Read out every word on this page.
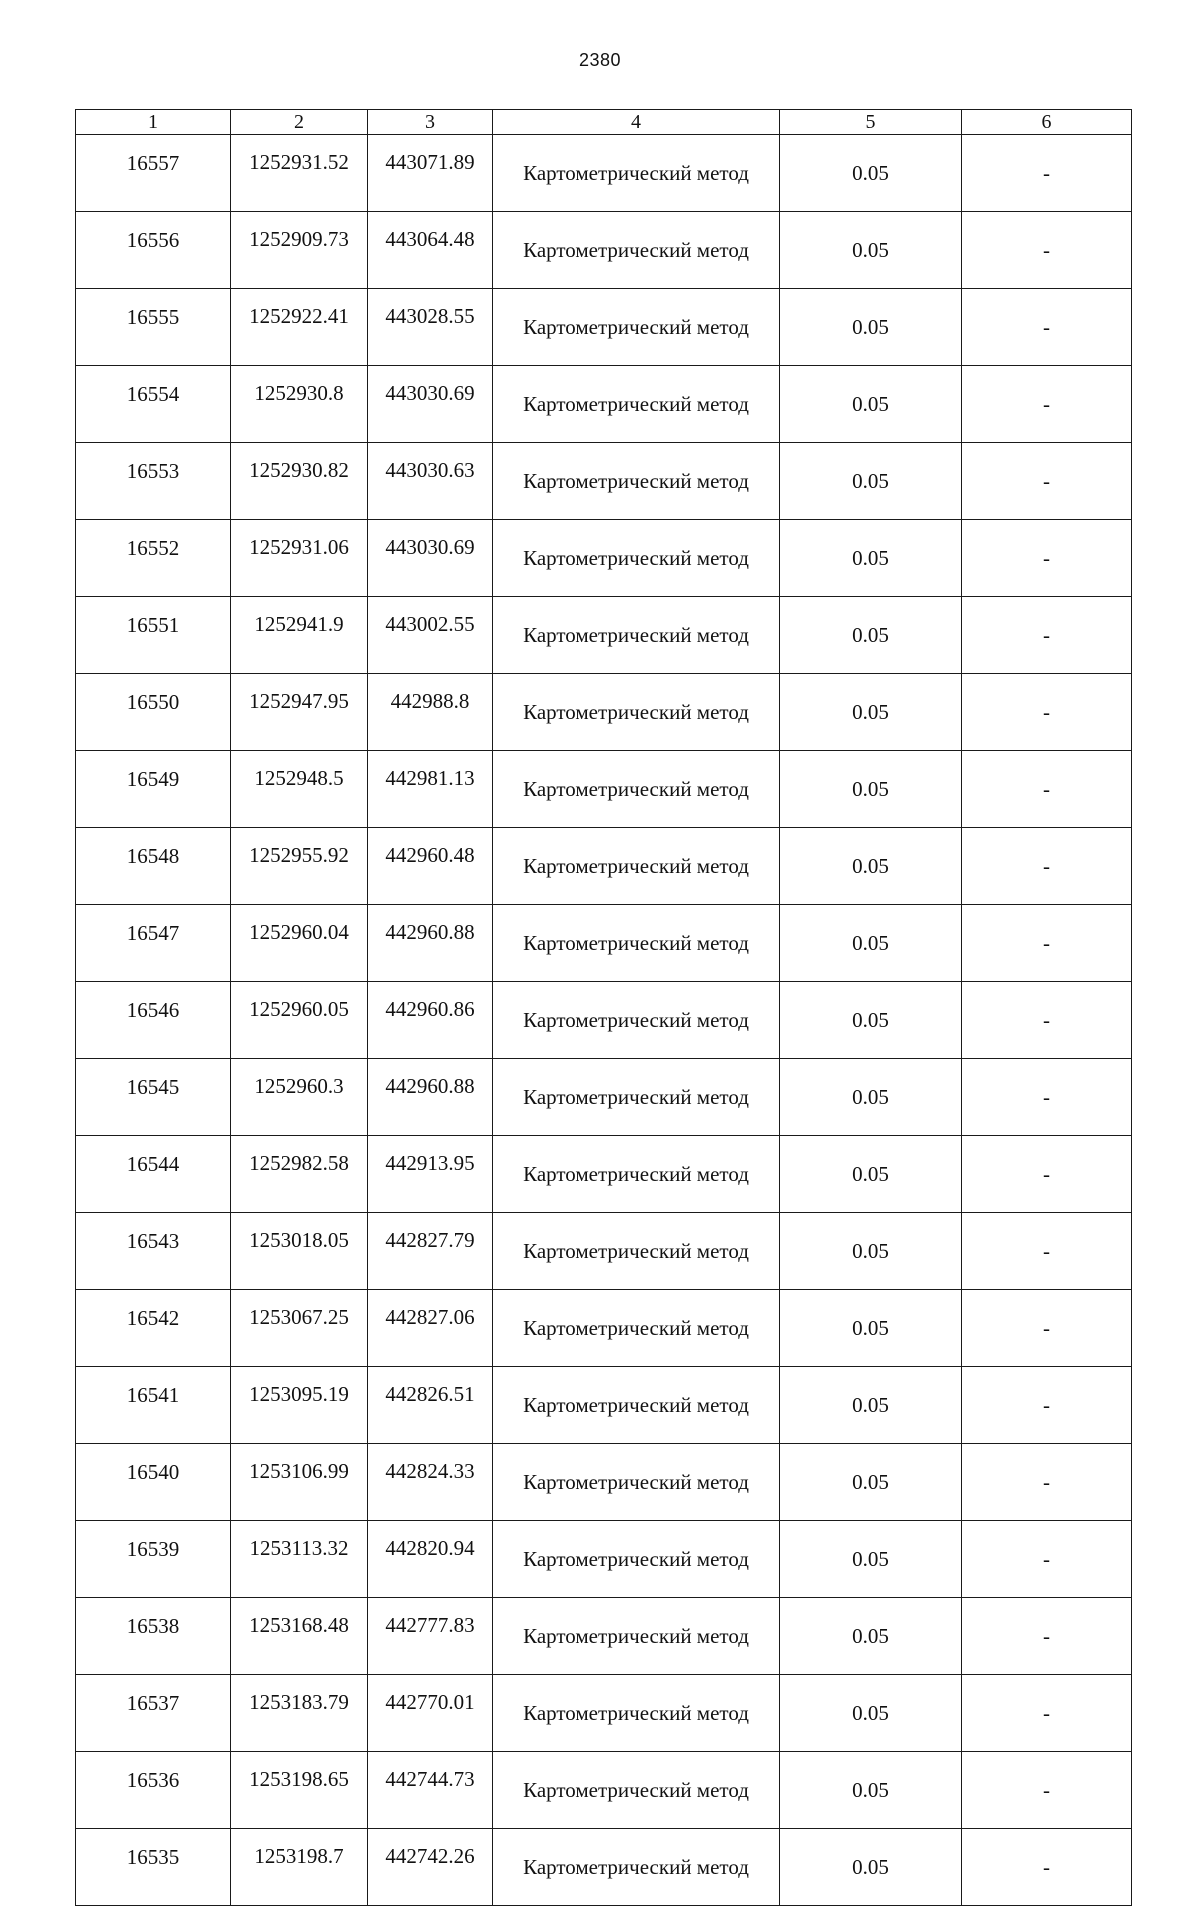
2380
1	2	3	4	5	6
16557	1252931.52	443071.89	Картометрический метод	0.05	-
16556	1252909.73	443064.48	Картометрический метод	0.05	-
16555	1252922.41	443028.55	Картометрический метод	0.05	-
16554	1252930.8	443030.69	Картометрический метод	0.05	-
16553	1252930.82	443030.63	Картометрический метод	0.05	-
16552	1252931.06	443030.69	Картометрический метод	0.05	-
16551	1252941.9	443002.55	Картометрический метод	0.05	-
16550	1252947.95	442988.8	Картометрический метод	0.05	-
16549	1252948.5	442981.13	Картометрический метод	0.05	-
16548	1252955.92	442960.48	Картометрический метод	0.05	-
16547	1252960.04	442960.88	Картометрический метод	0.05	-
16546	1252960.05	442960.86	Картометрический метод	0.05	-
16545	1252960.3	442960.88	Картометрический метод	0.05	-
16544	1252982.58	442913.95	Картометрический метод	0.05	-
16543	1253018.05	442827.79	Картометрический метод	0.05	-
16542	1253067.25	442827.06	Картометрический метод	0.05	-
16541	1253095.19	442826.51	Картометрический метод	0.05	-
16540	1253106.99	442824.33	Картометрический метод	0.05	-
16539	1253113.32	442820.94	Картометрический метод	0.05	-
16538	1253168.48	442777.83	Картометрический метод	0.05	-
16537	1253183.79	442770.01	Картометрический метод	0.05	-
16536	1253198.65	442744.73	Картометрический метод	0.05	-
16535	1253198.7	442742.26	Картометрический метод	0.05	-
